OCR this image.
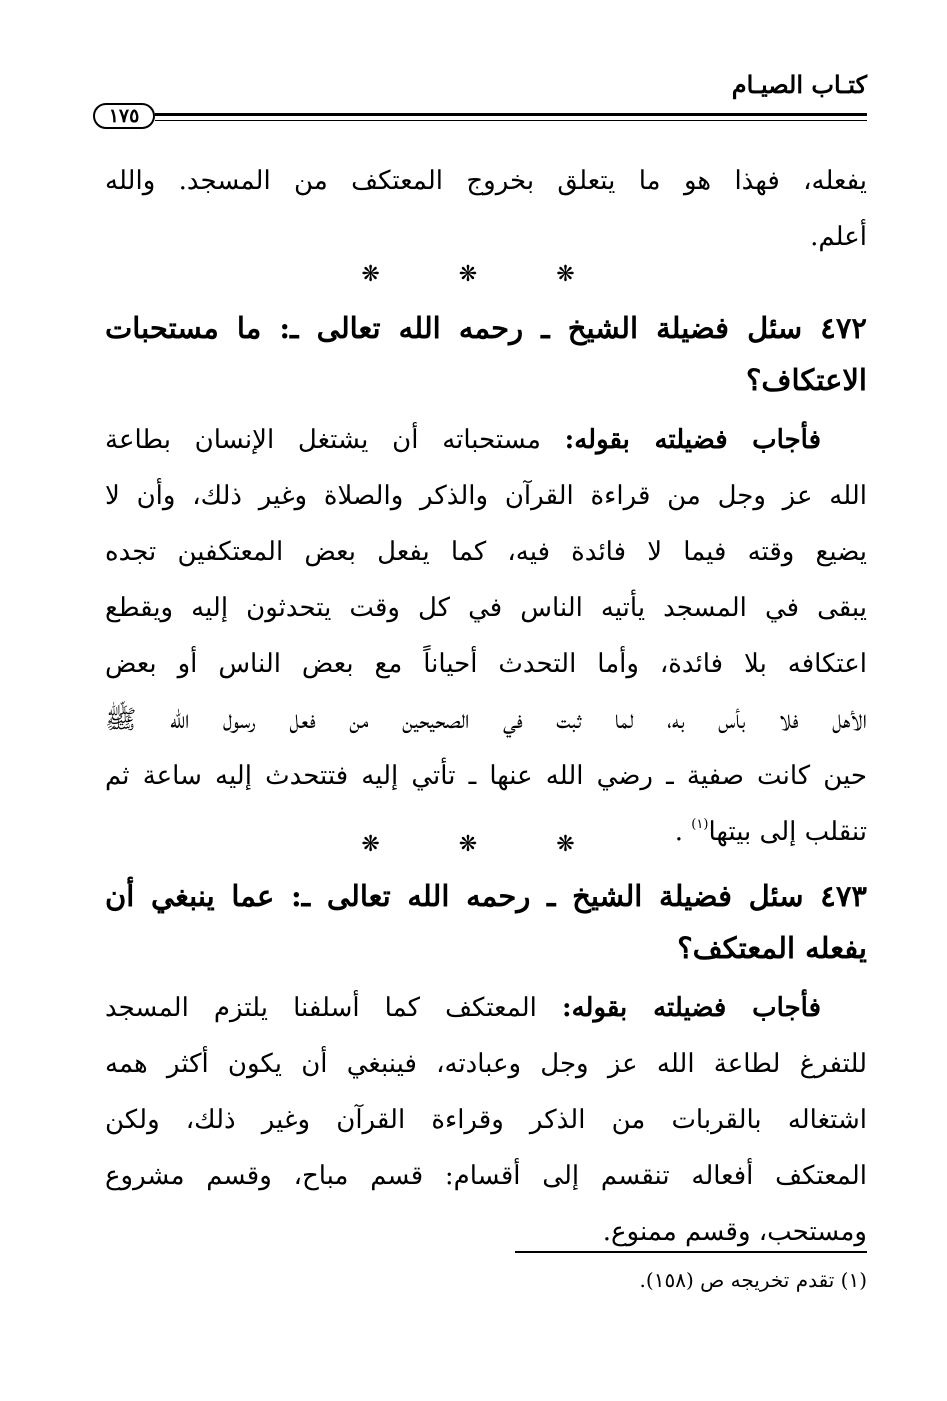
كتـاب الصيـام
١٧٥
يفعله، فهذا هو ما يتعلق بخروج المعتكف من المسجد. والله
أعلم.
❋ ❋ ❋
٤٧٢ سئل فضيلة الشيخ ـ رحمه الله تعالى ـ: ما مستحبات
الاعتكاف؟
فأجاب فضيلته بقوله: مستحباته أن يشتغل الإنسان بطاعة
الله عز وجل من قراءة القرآن والذكر والصلاة وغير ذلك، وأن لا
يضيع وقته فيما لا فائدة فيه، كما يفعل بعض المعتكفين تجده
يبقى في المسجد يأتيه الناس في كل وقت يتحدثون إليه ويقطع
اعتكافه بلا فائدة، وأما التحدث أحياناً مع بعض الناس أو بعض
الأهل فلا بأس به، لما ثبت في الصحيحين من فعل رسول الله ﷺ
حين كانت صفية ـ رضي الله عنها ـ تأتي إليه فتتحدث إليه ساعة ثم
تنقلب إلى بيتها$^{(١)}$ .
❋ ❋ ❋
٤٧٣ سئل فضيلة الشيخ ـ رحمه الله تعالى ـ: عما ينبغي أن
يفعله المعتكف؟
فأجاب فضيلته بقوله: المعتكف كما أسلفنا يلتزم المسجد
للتفرغ لطاعة الله عز وجل وعبادته، فينبغي أن يكون أكثر همه
اشتغاله بالقربات من الذكر وقراءة القرآن وغير ذلك، ولكن
المعتكف أفعاله تنقسم إلى أقسام: قسم مباح، وقسم مشروع
ومستحب، وقسم ممنوع.
(١) تقدم تخريجه ص (١٥٨).
